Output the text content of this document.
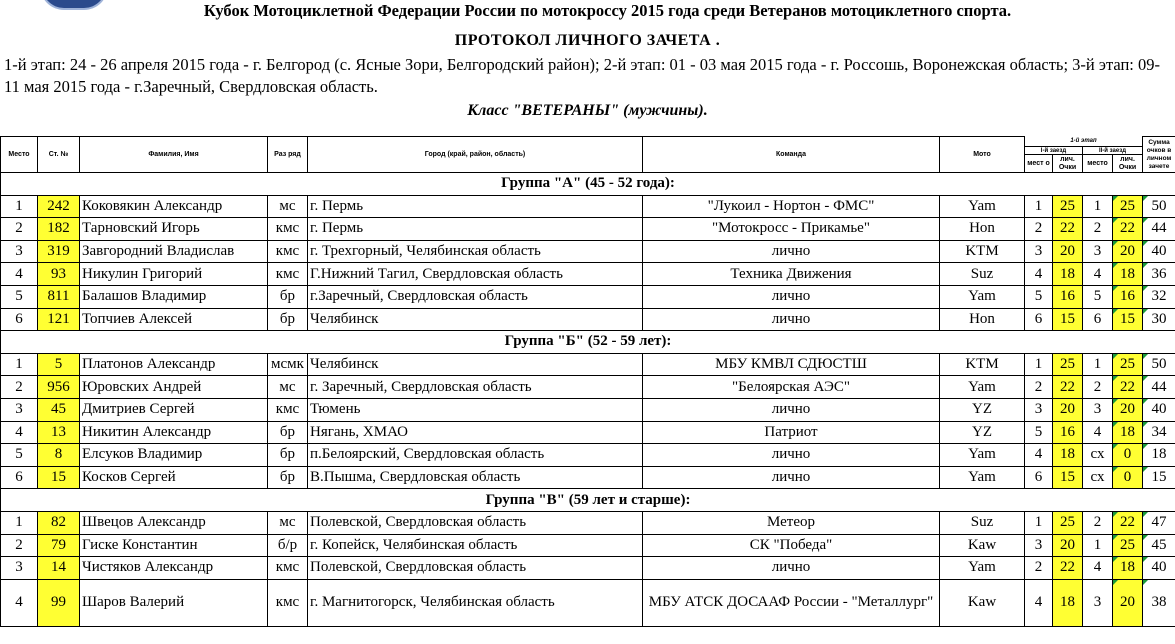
Кубок Мотоциклетной Федерации России по мотокроссу 2015 года среди Ветеранов мотоциклетного спорта.
ПРОТОКОЛ ЛИЧНОГО ЗАЧЕТА .
1-й этап: 24 - 26 апреля 2015 года - г. Белгород (с. Ясные Зори, Белгородский район); 2-й этап: 01 - 03 мая 2015 года - г. Россошь, Воронежская область; 3-й этап: 09-11 мая 2015 года - г.Заречный, Свердловская область.
Класс "ВЕТЕРАНЫ" (мужчины).
Место	Ст. №	Фамилия, Имя	Раз ряд	Город (край, район, область)	Команда	Мото	1-й этап				Сумма очков в личном зачете
							I-й заезд		II-й заезд		
							мест о	лич. Очки	место	лич. Очки	
Группа "А" (45 - 52 года):											
1	242	Коковякин Александр	мс	г. Пермь	"Лукоил - Нортон - ФМС"	Yam	1	25	1	25	50
2	182	Тарновский Игорь	кмс	г. Пермь	"Мотокросс - Прикамье"	Hon	2	22	2	22	44
3	319	Завгородний Владислав	кмс	г. Трехгорный, Челябинская область	лично	KTM	3	20	3	20	40
4	93	Никулин Григорий	кмс	Г.Нижний Тагил, Свердловская область	Техника Движения	Suz	4	18	4	18	36
5	811	Балашов Владимир	бр	г.Заречный, Свердловская область	лично	Yam	5	16	5	16	32
6	121	Топчиев Алексей	бр	Челябинск	лично	Hon	6	15	6	15	30
Группа "Б" (52 - 59 лет):											
1	5	Платонов Александр	мсмк	Челябинск	МБУ КМВЛ СДЮСТШ	KTM	1	25	1	25	50
2	956	Юровских Андрей	мс	г. Заречный, Свердловская область	"Белоярская АЭС"	Yam	2	22	2	22	44
3	45	Дмитриев Сергей	кмс	Тюмень	лично	YZ	3	20	3	20	40
4	13	Никитин Александр	бр	Нягань, ХМАО	Патриот	YZ	5	16	4	18	34
5	8	Елсуков Владимир	бр	п.Белоярский, Свердловская область	лично	Yam	4	18	сх	0	18
6	15	Косков Сергей	бр	В.Пышма, Свердловская область	лично	Yam	6	15	сх	0	15
Группа "В" (59 лет и старше):											
1	82	Швецов Александр	мс	Полевской, Свердловская область	Метеор	Suz	1	25	2	22	47
2	79	Гиске Константин	б/р	г. Копейск, Челябинская область	СК "Победа"	Kaw	3	20	1	25	45
3	14	Чистяков Александр	кмс	Полевской, Свердловская область	лично	Yam	2	22	4	18	40
4	99	Шаров Валерий	кмс	г. Магнитогорск, Челябинская область	МБУ АТСК ДОСААФ России - "Металлург"	Kaw	4	18	3	20	38
